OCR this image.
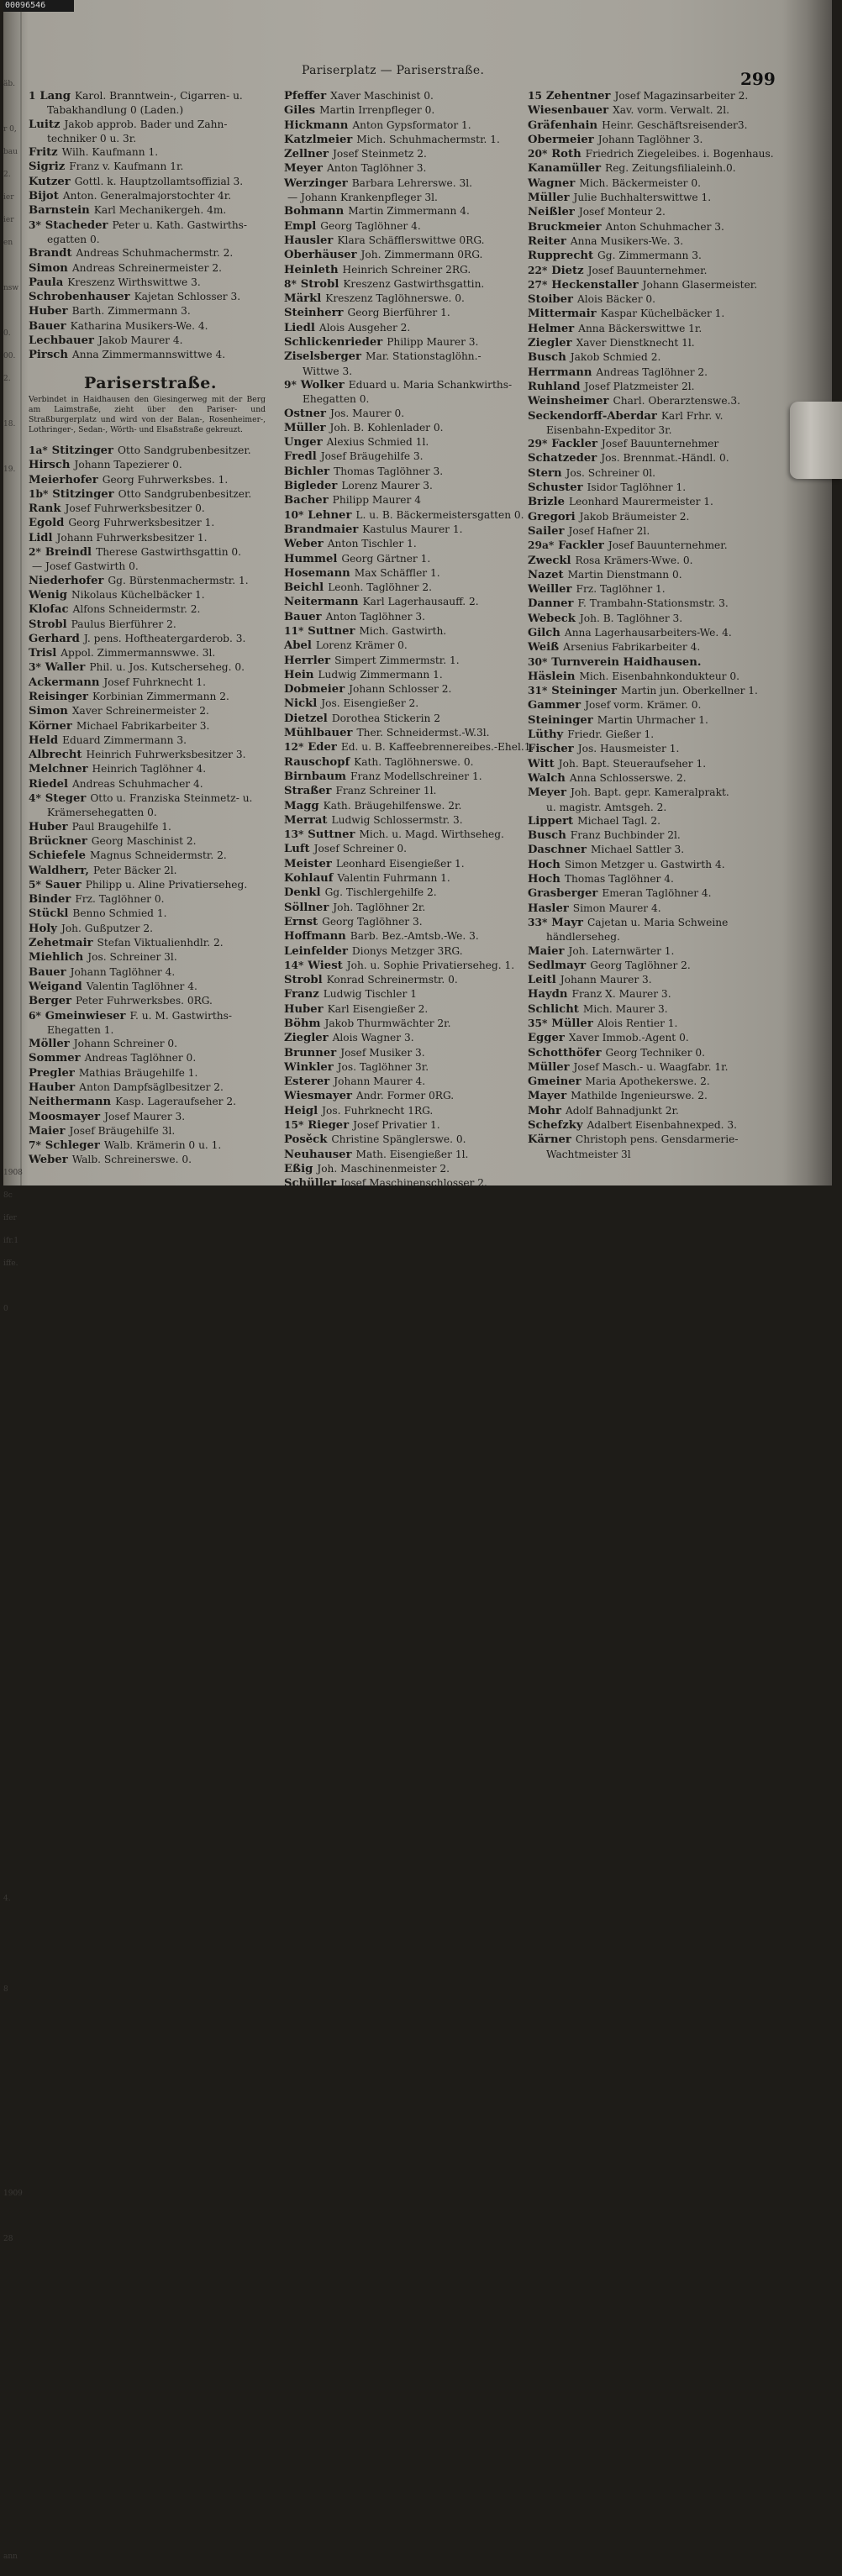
00096546
äb.
r 0,
bau
2.
ier
ier
en
nsw
0.
00.
2.
18.
19.
1908
8c
ifer
ifr.1
iffe.
0
4.
8
1909
28
ann
Pariserplatz — Pariserstraße.	299
1 Lang Karol. Branntwein-, Cigarren- u.
Tabakhandlung 0 (Laden.)
Luitz Jakob approb. Bader und Zahn-
techniker 0 u. 3r.
Fritz Wilh. Kaufmann 1.
Sigriz Franz v. Kaufmann 1r.
Kutzer Gottl. k. Hauptzollamtsoffizial 3.
Bijot Anton. Generalmajorstochter 4r.
Barnstein Karl Mechanikergeh. 4m.
3* Stacheder Peter u. Kath. Gastwirths-
egatten 0.
Brandt Andreas Schuhmachermstr. 2.
Simon Andreas Schreinermeister 2.
Paula Kreszenz Wirthswittwe 3.
Schrobenhauser Kajetan Schlosser 3.
Huber Barth. Zimmermann 3.
Bauer Katharina Musikers-We. 4.
Lechbauer Jakob Maurer 4.
Pirsch Anna Zimmermannswittwe 4.
Pariserstraße.
Verbindet in Haidhausen den Giesingerweg mit der Berg am Laimstraße, zieht über den Pariser- und Straßburgerplatz und wird von der Balan-, Rosenheimer-, Lothringer-, Sedan-, Wörth- und Elsaßstraße gekreuzt.
1a* Stitzinger Otto Sandgrubenbesitzer.
Hirsch Johann Tapezierer 0.
Meierhofer Georg Fuhrwerksbes. 1.
1b* Stitzinger Otto Sandgrubenbesitzer.
Rank Josef Fuhrwerksbesitzer 0.
Egold Georg Fuhrwerksbesitzer 1.
Lidl Johann Fuhrwerksbesitzer 1.
2* Breindl Therese Gastwirthsgattin 0.
— Josef Gastwirth 0.
Niederhofer Gg. Bürstenmachermstr. 1.
Wenig Nikolaus Küchelbäcker 1.
Klofac Alfons Schneidermstr. 2.
Strobl Paulus Bierführer 2.
Gerhard J. pens. Hoftheatergarderob. 3.
Trisl Appol. Zimmermannswwe. 3l.
3* Waller Phil. u. Jos. Kutscherseheg. 0.
Ackermann Josef Fuhrknecht 1.
Reisinger Korbinian Zimmermann 2.
Simon Xaver Schreinermeister 2.
Körner Michael Fabrikarbeiter 3.
Held Eduard Zimmermann 3.
Albrecht Heinrich Fuhrwerksbesitzer 3.
Melchner Heinrich Taglöhner 4.
Riedel Andreas Schuhmacher 4.
4* Steger Otto u. Franziska Steinmetz- u.
Krämersehegatten 0.
Huber Paul Braugehilfe 1.
Brückner Georg Maschinist 2.
Schiefele Magnus Schneidermstr. 2.
Waldherr, Peter Bäcker 2l.
5* Sauer Philipp u. Aline Privatierseheg.
Binder Frz. Taglöhner 0.
Stückl Benno Schmied 1.
Holy Joh. Gußputzer 2.
Zehetmair Stefan Viktualienhdlr. 2.
Miehlich Jos. Schreiner 3l.
Bauer Johann Taglöhner 4.
Weigand Valentin Taglöhner 4.
Berger Peter Fuhrwerksbes. 0RG.
6* Gmeinwieser F. u. M. Gastwirths-
Ehegatten 1.
Möller Johann Schreiner 0.
Sommer Andreas Taglöhner 0.
Pregler Mathias Bräugehilfe 1.
Hauber Anton Dampfsäglbesitzer 2.
Neithermann Kasp. Lageraufseher 2.
Moosmayer Josef Maurer 3.
Maier Josef Bräugehilfe 3l.
7* Schleger Walb. Krämerin 0 u. 1.
Weber Walb. Schreinerswe. 0.
Pfeffer Xaver Maschinist 0.
Giles Martin Irrenpfleger 0.
Hickmann Anton Gypsformator 1.
Katzlmeier Mich. Schuhmachermstr. 1.
Zellner Josef Steinmetz 2.
Meyer Anton Taglöhner 3.
Werzinger Barbara Lehrerswe. 3l.
— Johann Krankenpfleger 3l.
Bohmann Martin Zimmermann 4.
Empl Georg Taglöhner 4.
Hausler Klara Schäfflerswittwe 0RG.
Oberhäuser Joh. Zimmermann 0RG.
Heinleth Heinrich Schreiner 2RG.
8* Strobl Kreszenz Gastwirthsgattin.
Märkl Kreszenz Taglöhnerswe. 0.
Steinherr Georg Bierführer 1.
Liedl Alois Ausgeher 2.
Schlickenrieder Philipp Maurer 3.
Ziselsberger Mar. Stationstaglöhn.-
Wittwe 3.
9* Wolker Eduard u. Maria Schankwirths-
Ehegatten 0.
Ostner Jos. Maurer 0.
Müller Joh. B. Kohlenlader 0.
Unger Alexius Schmied 1l.
Fredl Josef Bräugehilfe 3.
Bichler Thomas Taglöhner 3.
Bigleder Lorenz Maurer 3.
Bacher Philipp Maurer 4
10* Lehner L. u. B. Bäckermeistersgatten 0.
Brandmaier Kastulus Maurer 1.
Weber Anton Tischler 1.
Hummel Georg Gärtner 1.
Hosemann Max Schäffler 1.
Beichl Leonh. Taglöhner 2.
Neitermann Karl Lagerhausauff. 2.
Bauer Anton Taglöhner 3.
11* Suttner Mich. Gastwirth.
Abel Lorenz Krämer 0.
Herrler Simpert Zimmermstr. 1.
Hein Ludwig Zimmermann 1.
Dobmeier Johann Schlosser 2.
Nickl Jos. Eisengießer 2.
Dietzel Dorothea Stickerin 2
Mühlbauer Ther. Schneidermst.-W.3l.
12* Eder Ed. u. B. Kaffeebrennereibes.-Ehel.1.
Rauschopf Kath. Taglöhnerswe. 0.
Birnbaum Franz Modellschreiner 1.
Straßer Franz Schreiner 1l.
Magg Kath. Bräugehilfenswe. 2r.
Merrat Ludwig Schlossermstr. 3.
13* Suttner Mich. u. Magd. Wirthseheg.
Luft Josef Schreiner 0.
Meister Leonhard Eisengießer 1.
Kohlauf Valentin Fuhrmann 1.
Denkl Gg. Tischlergehilfe 2.
Söllner Joh. Taglöhner 2r.
Ernst Georg Taglöhner 3.
Hoffmann Barb. Bez.-Amtsb.-We. 3.
Leinfelder Dionys Metzger 3RG.
14* Wiest Joh. u. Sophie Privatierseheg. 1.
Strobl Konrad Schreinermstr. 0.
Franz Ludwig Tischler 1
Huber Karl Eisengießer 2.
Böhm Jakob Thurmwächter 2r.
Ziegler Alois Wagner 3.
Brunner Josef Musiker 3.
Winkler Jos. Taglöhner 3r.
Esterer Johann Maurer 4.
Wiesmayer Andr. Former 0RG.
Heigl Jos. Fuhrknecht 1RG.
15* Rieger Josef Privatier 1.
Posěck Christine Spänglerswe. 0.
Neuhauser Math. Eisengießer 1l.
Eßig Joh. Maschinenmeister 2.
Schüller Josef Maschinenschlosser 2.
15 Zehentner Josef Magazinsarbeiter 2.
Wiesenbauer Xav. vorm. Verwalt. 2l.
Gräfenhain Heinr. Geschäftsreisender3.
Obermeier Johann Taglöhner 3.
20* Roth Friedrich Ziegeleibes. i. Bogenhaus.
Kanamüller Reg. Zeitungsfilialeinh.0.
Wagner Mich. Bäckermeister 0.
Müller Julie Buchhalterswittwe 1.
Neißler Josef Monteur 2.
Bruckmeier Anton Schuhmacher 3.
Reiter Anna Musikers-We. 3.
Rupprecht Gg. Zimmermann 3.
22* Dietz Josef Bauunternehmer.
27* Heckenstaller Johann Glasermeister.
Stoiber Alois Bäcker 0.
Mittermair Kaspar Küchelbäcker 1.
Helmer Anna Bäckerswittwe 1r.
Ziegler Xaver Dienstknecht 1l.
Busch Jakob Schmied 2.
Herrmann Andreas Taglöhner 2.
Ruhland Josef Platzmeister 2l.
Weinsheimer Charl. Oberarztenswe.3.
Seckendorff-Aberdar Karl Frhr. v.
Eisenbahn-Expeditor 3r.
29* Fackler Josef Bauunternehmer
Schatzeder Jos. Brennmat.-Händl. 0.
Stern Jos. Schreiner 0l.
Schuster Isidor Taglöhner 1.
Brizle Leonhard Maurermeister 1.
Gregori Jakob Bräumeister 2.
Sailer Josef Hafner 2l.
29a* Fackler Josef Bauunternehmer.
Zweckl Rosa Krämers-Wwe. 0.
Nazet Martin Dienstmann 0.
Weiller Frz. Taglöhner 1.
Danner F. Trambahn-Stationsmstr. 3.
Webeck Joh. B. Taglöhner 3.
Gilch Anna Lagerhausarbeiters-We. 4.
Weiß Arsenius Fabrikarbeiter 4.
30* Turnverein Haidhausen.
Häslein Mich. Eisenbahnkondukteur 0.
31* Steininger Martin jun. Oberkellner 1.
Gammer Josef vorm. Krämer. 0.
Steininger Martin Uhrmacher 1.
Lüthy Friedr. Gießer 1.
Fischer Jos. Hausmeister 1.
Witt Joh. Bapt. Steueraufseher 1.
Walch Anna Schlosserswe. 2.
Meyer Joh. Bapt. gepr. Kameralprakt.
u. magistr. Amtsgeh. 2.
Lippert Michael Tagl. 2.
Busch Franz Buchbinder 2l.
Daschner Michael Sattler 3.
Hoch Simon Metzger u. Gastwirth 4.
Hoch Thomas Taglöhner 4.
Grasberger Emeran Taglöhner 4.
Hasler Simon Maurer 4.
33* Mayr Cajetan u. Maria Schweine
händlerseheg.
Maier Joh. Laternwärter 1.
Sedlmayr Georg Taglöhner 2.
Leitl Johann Maurer 3.
Haydn Franz X. Maurer 3.
Schlicht Mich. Maurer 3.
35* Müller Alois Rentier 1.
Egger Xaver Immob.-Agent 0.
Schotthöfer Georg Techniker 0.
Müller Josef Masch.- u. Waagfabr. 1r.
Gmeiner Maria Apothekerswe. 2.
Mayer Mathilde Ingenieurswe. 2.
Mohr Adolf Bahnadjunkt 2r.
Schefzky Adalbert Eisenbahnexped. 3.
Kärner Christoph pens. Gensdarmerie-
Wachtmeister 3l
